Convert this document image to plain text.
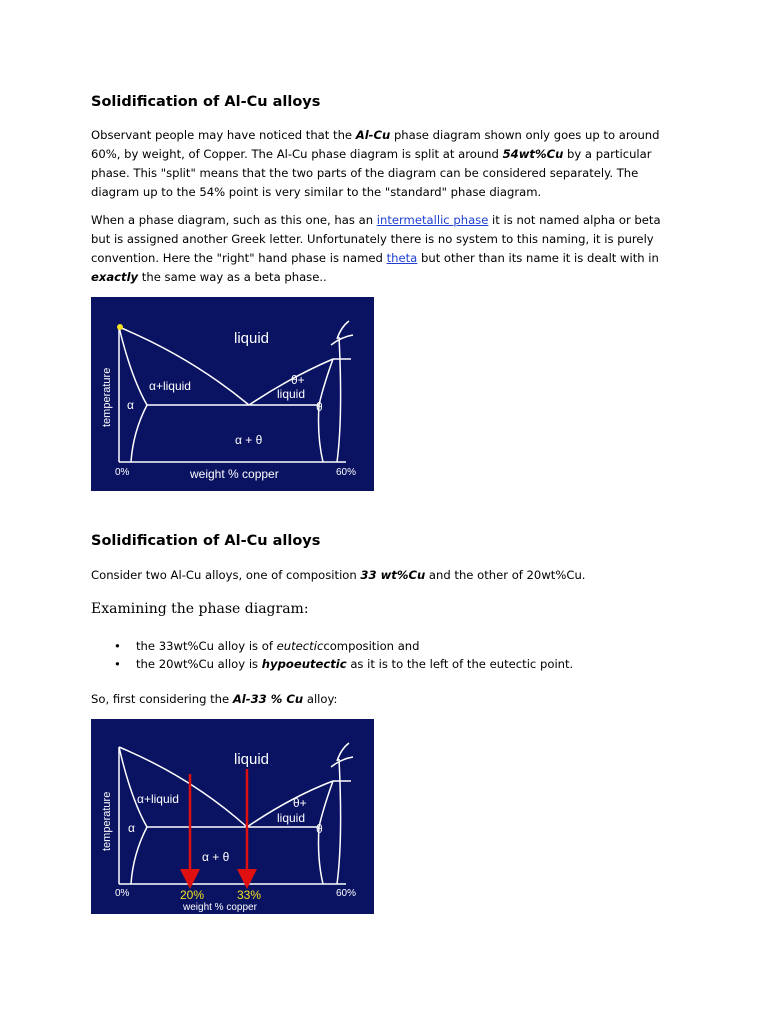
Solidification of Al-Cu alloys

Observant people may have noticed that the Al-Cu phase diagram shown only goes up to around 60%, by weight, of Copper. The Al-Cu phase diagram is split at around 54wt%Cu by a particular phase. This "split" means that the two parts of the diagram can be considered separately. The diagram up to the 54% point is very similar to the "standard" phase diagram.

When a phase diagram, such as this one, has an intermetallic phase it is not named alpha or beta but is assigned another Greek letter. Unfortunately there is no system to this naming, it is purely convention. Here the "right" hand phase is named theta but other than its name it is dealt with in exactly the same way as a beta phase..

liquid
α+liquid
α
θ+
liquid
θ
α + θ
temperature
0%	60%
weight % copper
Solidification of Al-Cu alloys

Consider two Al-Cu alloys, one of composition 33 wt%Cu and the other of 20wt%Cu.

Examining the phase diagram:

• the 33wt%Cu alloy is of eutecticcomposition and
• the 20wt%Cu alloy is hypoeutectic as it is to the left of the eutectic point.

So, first considering the Al-33 % Cu alloy:

liquid
α+liquid
α
θ+
liquid
θ
α + θ
temperature
0%	60%
20%	33%
weight % copper
